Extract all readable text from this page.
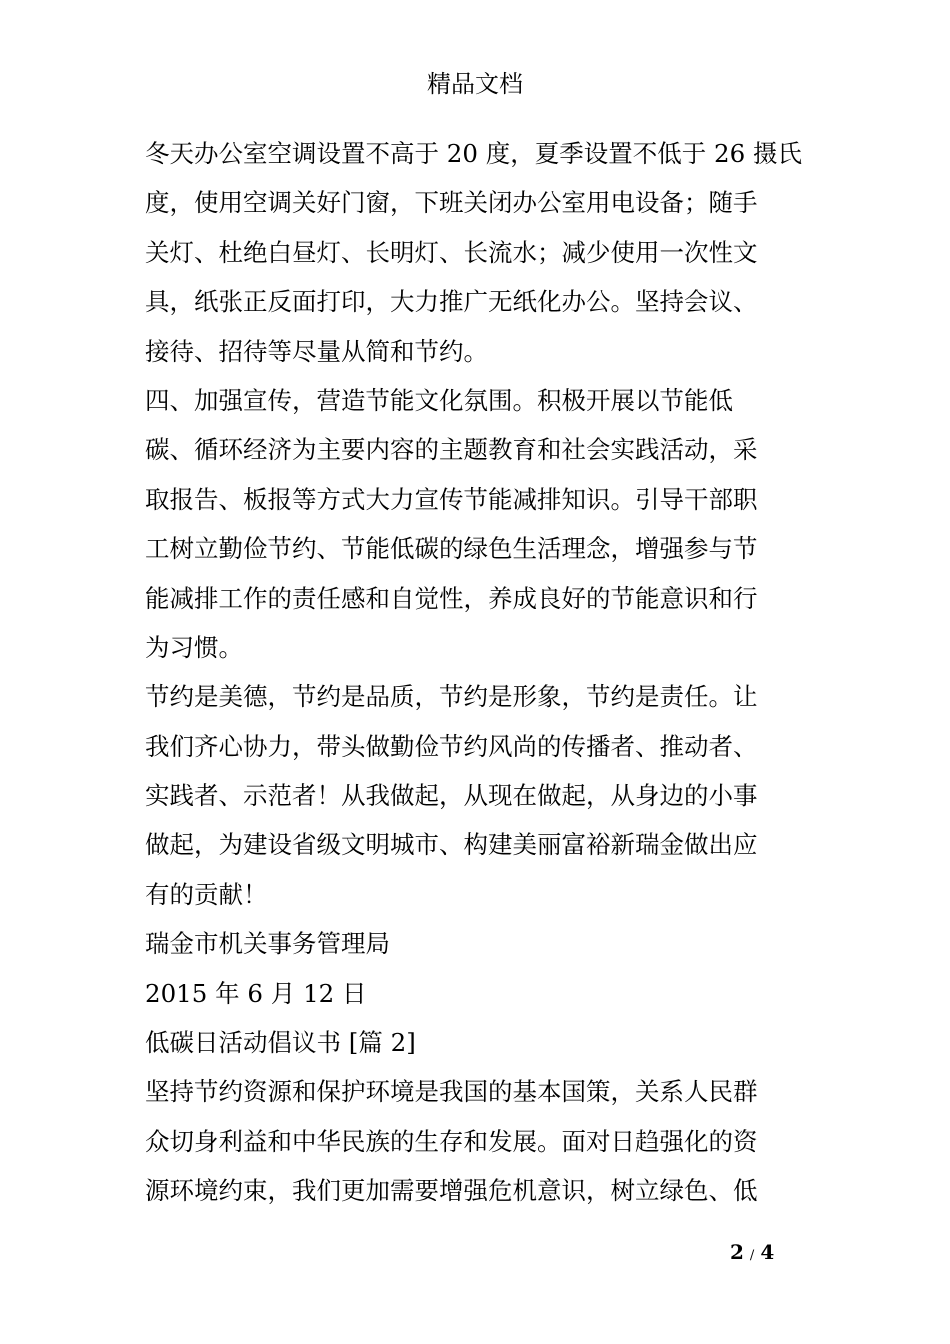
精品文档
冬天办公室空调设置不高于 20 度，夏季设置不低于 26 摄氏
度，使用空调关好门窗，下班关闭办公室用电设备；随手
关灯、杜绝白昼灯、长明灯、长流水；减少使用一次性文
具，纸张正反面打印，大力推广无纸化办公。坚持会议、
接待、招待等尽量从简和节约。
四、加强宣传，营造节能文化氛围。积极开展以节能低
碳、循环经济为主要内容的主题教育和社会实践活动，采
取报告、板报等方式大力宣传节能减排知识。引导干部职
工树立勤俭节约、节能低碳的绿色生活理念，增强参与节
能减排工作的责任感和自觉性，养成良好的节能意识和行
为习惯。
节约是美德，节约是品质，节约是形象，节约是责任。让
我们齐心协力，带头做勤俭节约风尚的传播者、推动者、
实践者、示范者！从我做起，从现在做起，从身边的小事
做起，为建设省级文明城市、构建美丽富裕新瑞金做出应
有的贡献！
瑞金市机关事务管理局
2015 年 6 月 12 日
低碳日活动倡议书 [篇 2]
坚持节约资源和保护环境是我国的基本国策，关系人民群
众切身利益和中华民族的生存和发展。面对日趋强化的资
源环境约束，我们更加需要增强危机意识，树立绿色、低
2 / 4
